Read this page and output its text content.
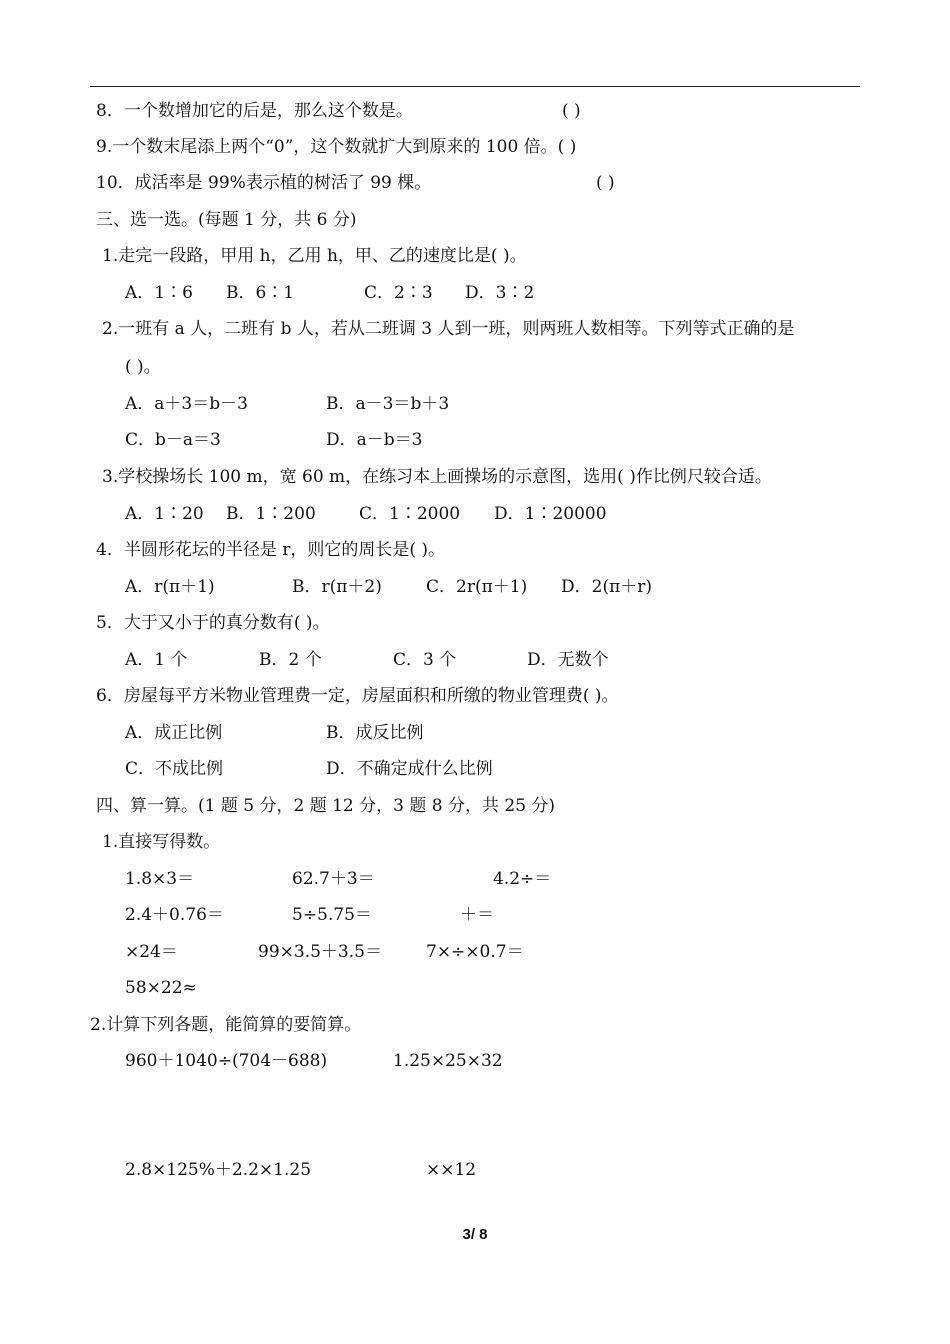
8．一个数增加它的后是，那么这个数是。	( )
9.一个数末尾添上两个“0”，这个数就扩大到原来的 100 倍。( )
10．成活率是 99%表示植的树活了 99 棵。	( )
三、选一选。(每题 1 分，共 6 分)
1.走完一段路，甲用 h，乙用 h，甲、乙的速度比是( )。
A．1∶6 B．6∶1	C．2∶3 D．3∶2
2.一班有 a 人，二班有 b 人，若从二班调 3 人到一班，则两班人数相等。下列等式正确的是
( )。
A．a＋3＝b－3	B．a－3＝b＋3
C．b－a＝3	D．a－b＝3
3.学校操场长 100 m，宽 60 m，在练习本上画操场的示意图，选用( )作比例尺较合适。
A．1∶20 B．1∶200	C．1∶2000 D．1∶20000
4．半圆形花坛的半径是 r，则它的周长是( )。
A．r(π＋1)	B．r(π＋2)	C．2r(π＋1) D．2(π＋r)
5．大于又小于的真分数有( )。
A．1 个	B．2 个	C．3 个	D．无数个
6．房屋每平方米物业管理费一定，房屋面积和所缴的物业管理费( )。
A．成正比例	B．成反比例
C．不成比例	D．不确定成什么比例
四、算一算。(1 题 5 分，2 题 12 分，3 题 8 分，共 25 分)
1.直接写得数。
1.8×3＝	62.7＋3＝	4.2÷＝
2.4＋0.76＝	5÷5.75＝	＋＝
×24＝	99×3.5＋3.5＝	7×÷×0.7＝
58×22≈
2.计算下列各题，能简算的要简算。
960＋1040÷(704－688)	1.25×25×32
2.8×125%＋2.2×1.25	××12
3/ 8
